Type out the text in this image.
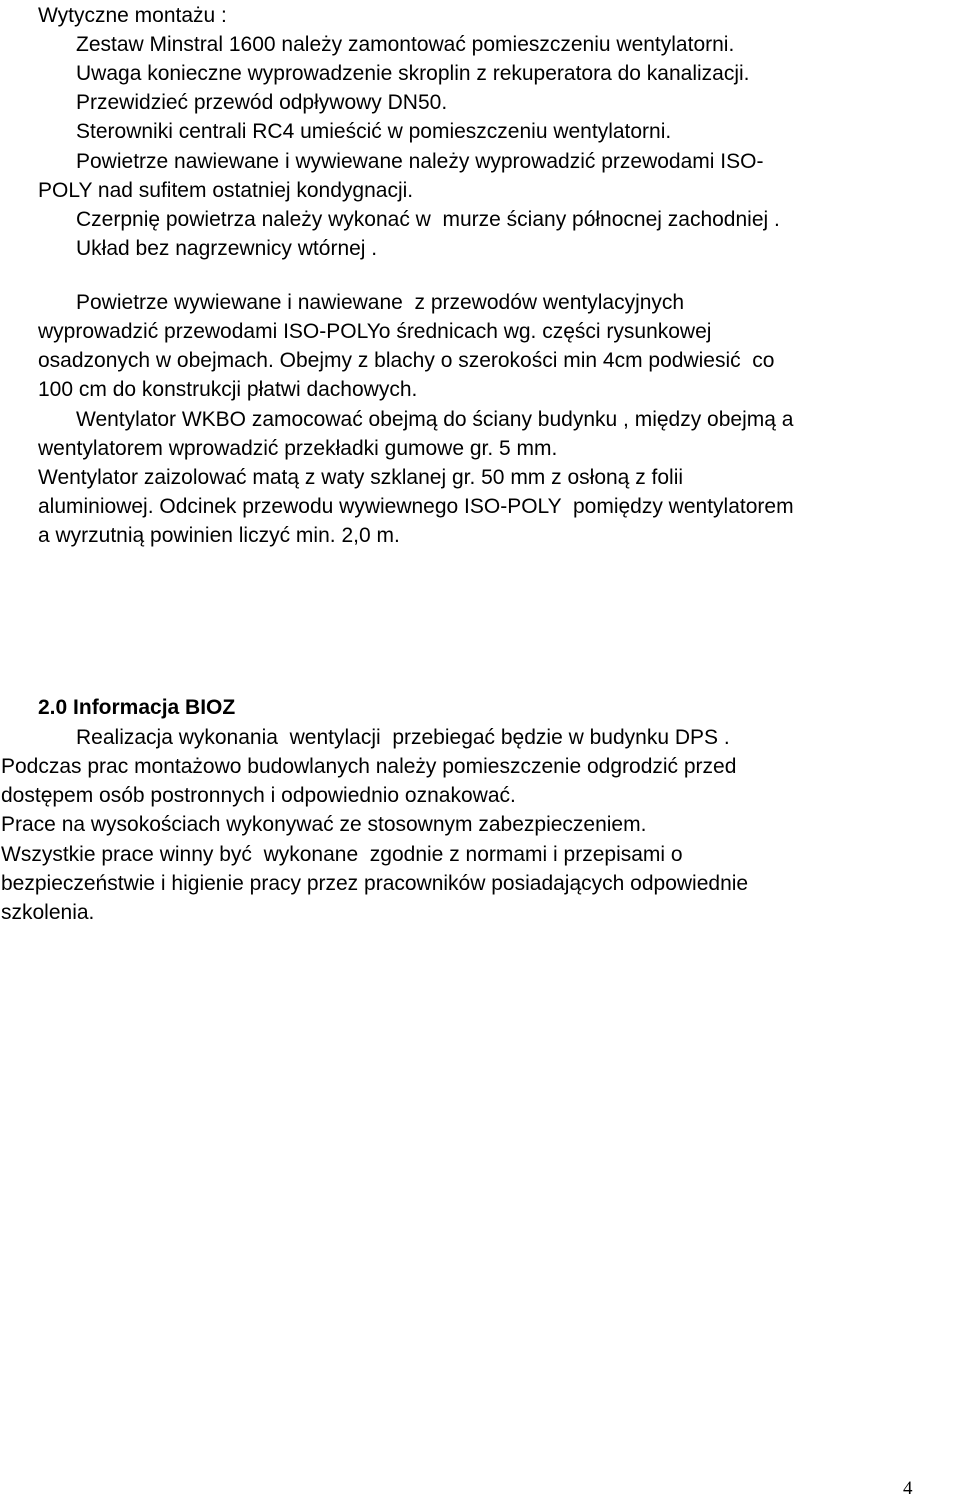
Wytyczne montażu :

Zestaw Minstral 1600 należy zamontować pomieszczeniu wentylatorni.

Uwaga konieczne wyprowadzenie skroplin z rekuperatora do kanalizacji.

Przewidzieć przewód odpływowy DN50.

Sterowniki centrali RC4 umieścić w pomieszczeniu wentylatorni.

Powietrze nawiewane i wywiewane należy wyprowadzić przewodami ISO-

POLY nad sufitem ostatniej kondygnacji.

Czerpnię powietrza należy wykonać w  murze ściany północnej zachodniej .

Układ bez nagrzewnicy wtórnej .

Powietrze wywiewane i nawiewane  z przewodów wentylacyjnych

wyprowadzić przewodami ISO-POLYo średnicach wg. części rysunkowej

osadzonych w obejmach. Obejmy z blachy o szerokości min 4cm podwiesić  co

100 cm do konstrukcji płatwi dachowych.

Wentylator WKBO zamocować obejmą do ściany budynku , między obejmą a

wentylatorem wprowadzić przekładki gumowe gr. 5 mm.

Wentylator zaizolować matą z waty szklanej gr. 50 mm z osłoną z folii

aluminiowej. Odcinek przewodu wywiewnego ISO-POLY  pomiędzy wentylatorem

a wyrzutnią powinien liczyć min. 2,0 m.

2.0 Informacja BIOZ

Realizacja wykonania  wentylacji  przebiegać będzie w budynku DPS .

Podczas prac montażowo budowlanych należy pomieszczenie odgrodzić przed

dostępem osób postronnych i odpowiednio oznakować.

Prace na wysokościach wykonywać ze stosownym zabezpieczeniem.

Wszystkie prace winny być  wykonane  zgodnie z normami i przepisami o

bezpieczeństwie i higienie pracy przez pracowników posiadających odpowiednie

szkolenia.

4
